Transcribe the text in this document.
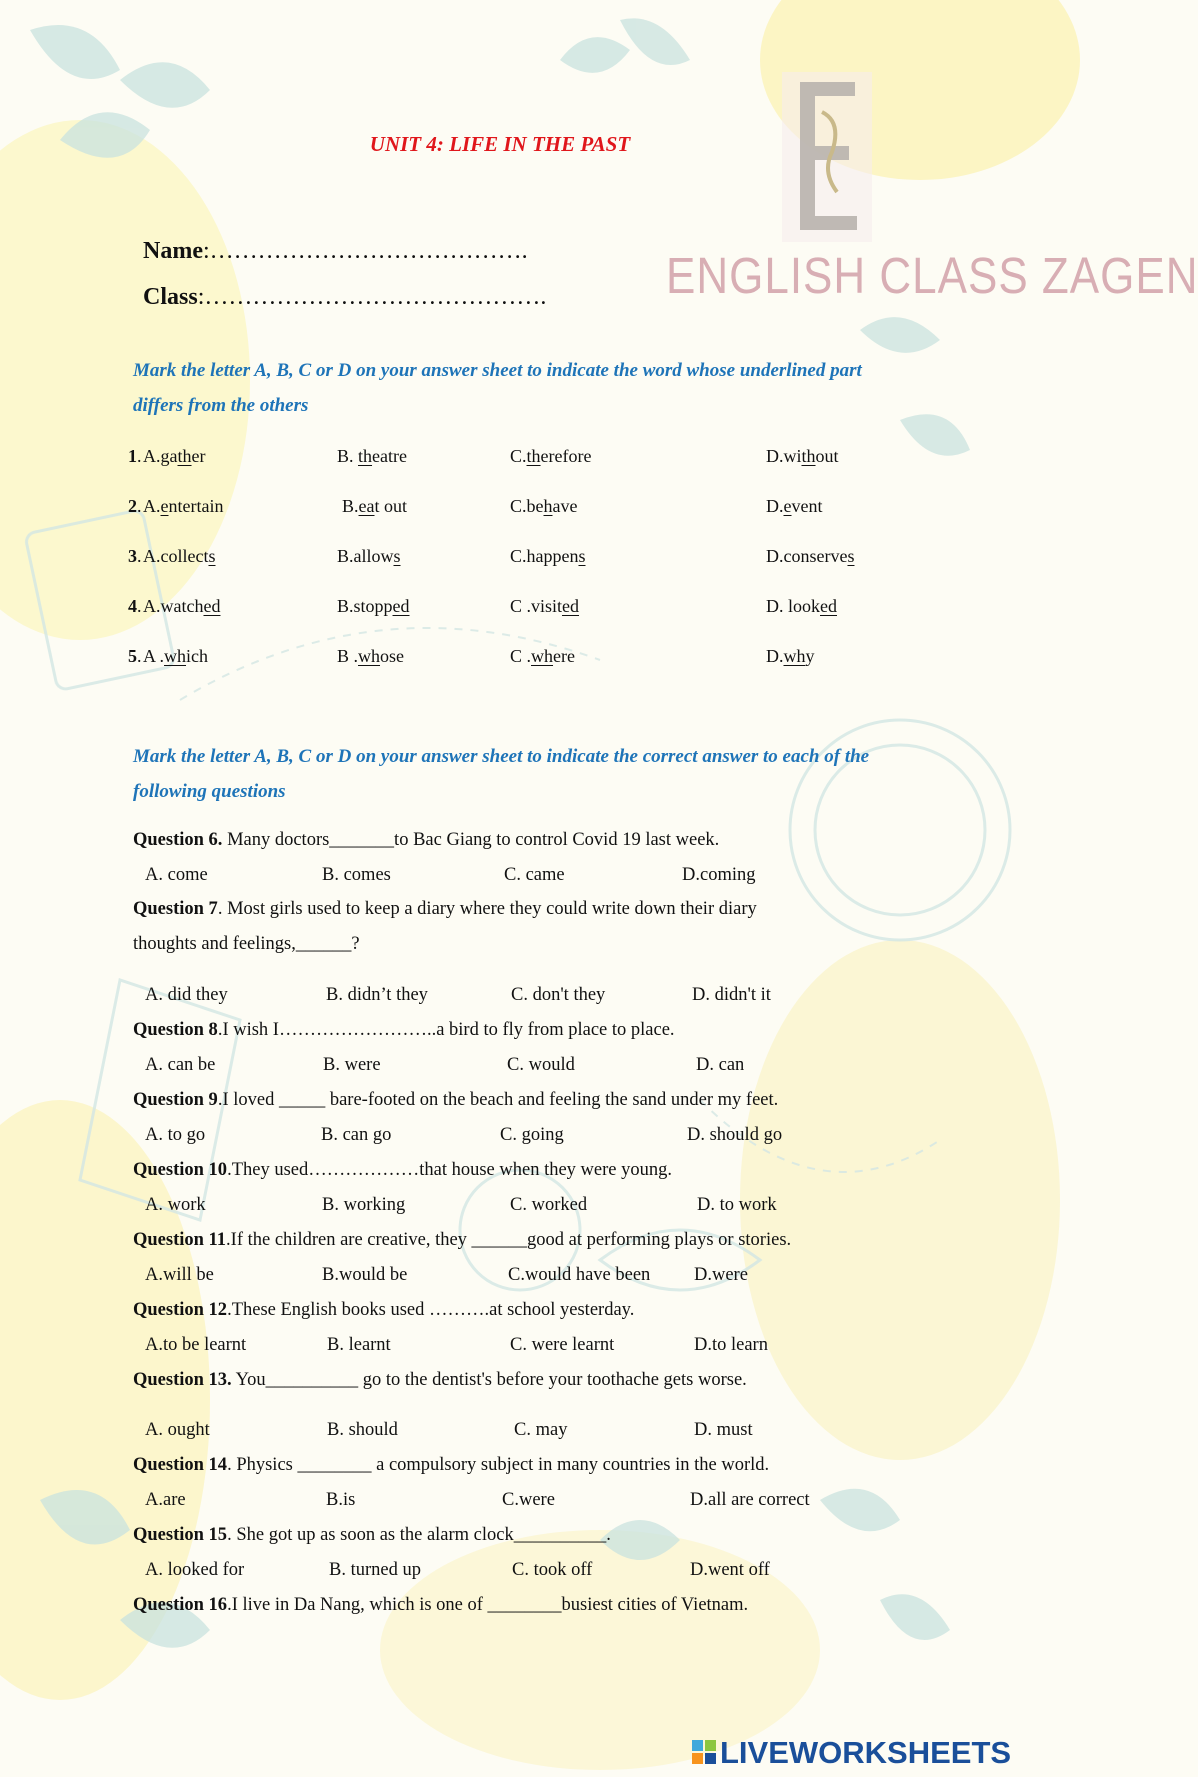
ENGLISH CLASS ZAGEN
UNIT 4: LIFE IN THE PAST
Name:………………………………….
Class:…………………………………….
Mark the letter A, B, C or D on your answer sheet to indicate the word whose underlined part differs from the others
1. A.gather	B. theatre	C.therefore	D.without
2. A.entertain	B.eat out	C.behave	D.event
3. A.collects	B.allows	C.happens	D.conserves
4. A.watched	B.stopped	C .visited	D. looked
5. A .which	B .whose	C .where	D.why
Mark the letter A, B, C or D on your answer sheet to indicate the correct answer to each of the following questions
Question 6. Many doctors_______to Bac Giang to control Covid 19 last week.
A. come	B. comes	C. came	D.coming
Question 7. Most girls used to keep a diary where they could write down their diary
thoughts and feelings,______?
A. did they	B. didn’t they	C. don't they	D. didn't it
Question 8.I wish I……………………..a bird to fly from place to place.
A. can be	B. were	C. would	D. can
Question 9.I loved _____ bare-footed on the beach and feeling the sand under my feet.
A. to go	B. can go	C. going	D. should go
Question 10.They used………………that house when they were young.
A. work	B. working	C. worked	D. to work
Question 11.If the children are creative, they ______good at performing plays or stories.
A.will be	B.would be	C.would have been D.were
Question 12.These English books used ……….at school yesterday.
A.to be learnt	B. learnt	C. were learnt	D.to learn
Question 13. You__________ go to the dentist's before your toothache gets worse.
A. ought	B. should	C. may	D. must
Question 14. Physics ________ a compulsory subject in many countries in the world.
A.are	B.is	C.were	D.all are correct
Question 15. She got up as soon as the alarm clock__________.
A. looked for	B. turned up	C. took off	D.went off
Question 16.I live in Da Nang, which is one of ________busiest cities of Vietnam.
LIVEWORKSHEETS
